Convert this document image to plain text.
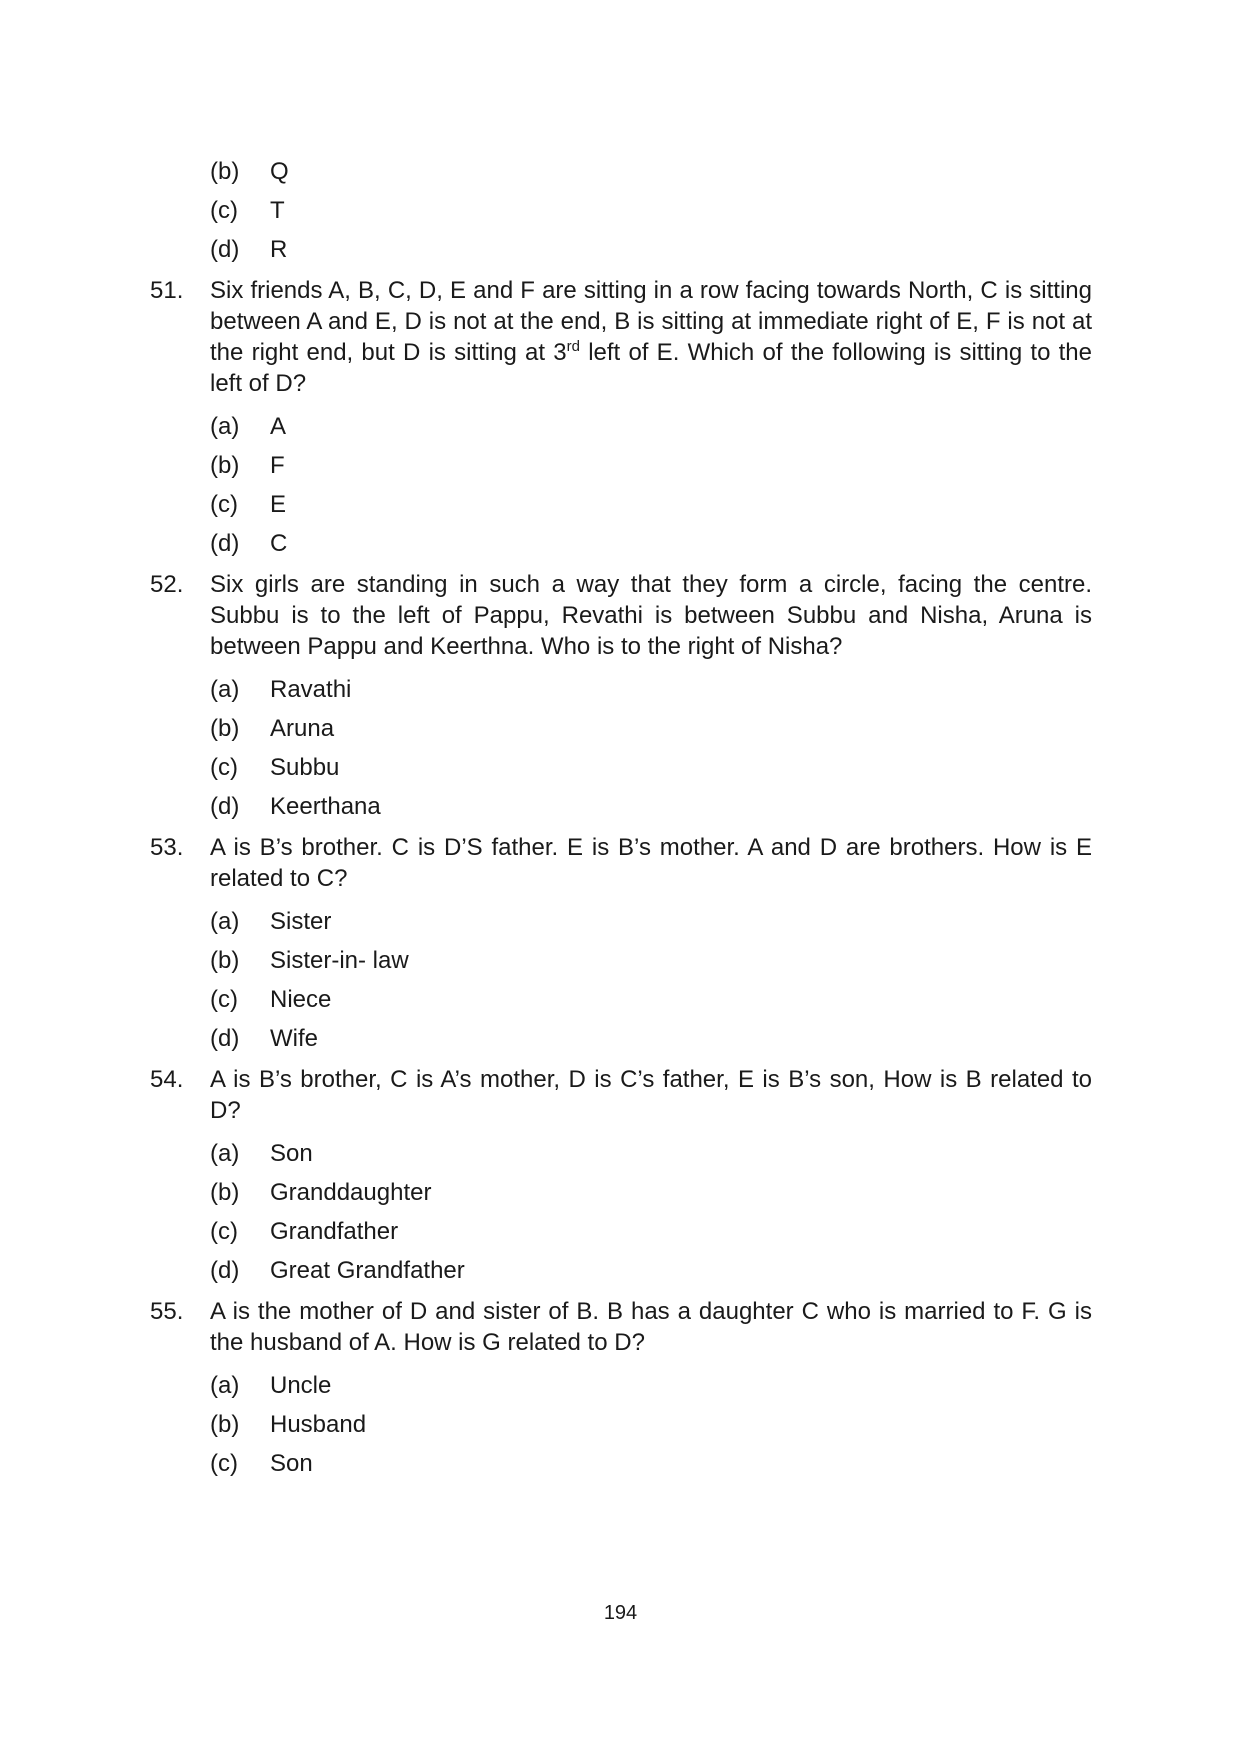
(b)	Q
(c)	T
(d)	R
51.	Six friends A, B, C, D, E and F are sitting in a row facing towards North, C is sitting between A and E, D is not at the end, B is sitting at immediate right of E, F is not at the right end, but D is sitting at 3rd left of E. Which of the following is sitting to the left of D?
(a)	A
(b)	F
(c)	E
(d)	C
52.	Six girls are standing in such a way that they form a circle, facing the centre. Subbu is to the left of Pappu, Revathi is between Subbu and Nisha, Aruna is between Pappu and Keerthna. Who is to the right of Nisha?
(a)	Ravathi
(b)	Aruna
(c)	Subbu
(d)	Keerthana
53.	A is B’s brother. C is D’S father. E is B’s mother. A and D are brothers. How is E related to C?
(a)	Sister
(b)	Sister-in- law
(c)	Niece
(d)	Wife
54.	A is B’s brother, C is A’s mother, D is C’s father, E is B’s son, How is B related to D?
(a)	Son
(b)	Granddaughter
(c)	Grandfather
(d)	Great Grandfather
55.	A is the mother of D and sister of B. B has a daughter C who is married to F. G is the husband of A. How is G related to D?
(a)	Uncle
(b)	Husband
(c)	Son
194
